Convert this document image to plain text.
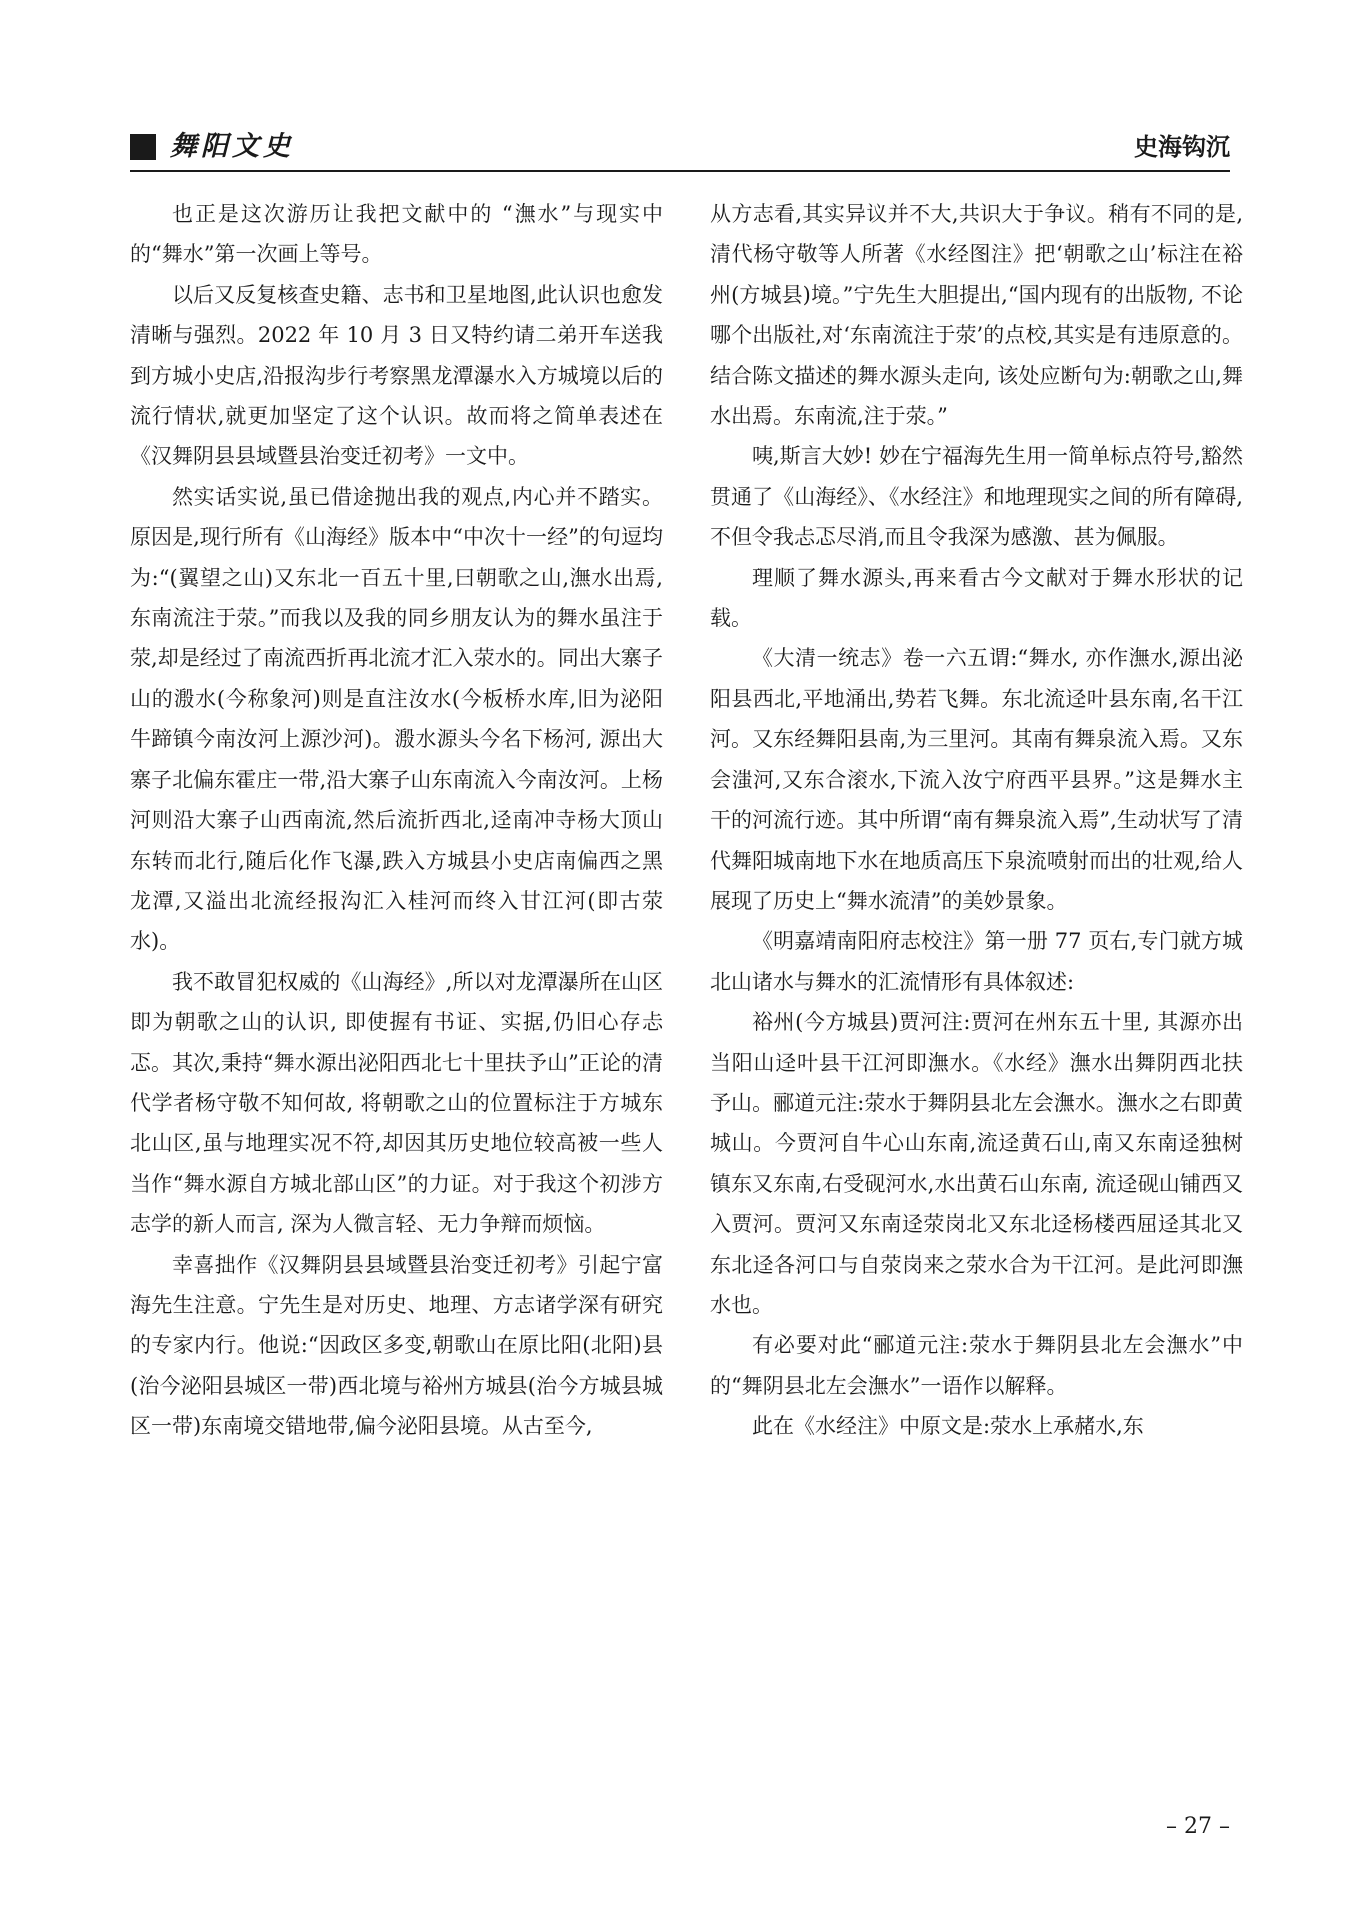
舞阳文史	史海钩沉

也正是这次游历让我把文献中的 “潕水”与现实中的“舞水”第一次画上等号。

以后又反复核查史籍、志书和卫星地图,此认识也愈发清晰与强烈。2022 年 10 月 3 日又特约请二弟开车送我到方城小史店,沿报沟步行考察黑龙潭瀑水入方城境以后的流行情状,就更加坚定了这个认识。故而将之简单表述在《汉舞阴县县域暨县治变迁初考》一文中。

然实话实说,虽已借途抛出我的观点,内心并不踏实。原因是,现行所有《山海经》版本中“中次十一经”的句逗均为:“(翼望之山)又东北一百五十里,曰朝歌之山,潕水出焉,东南流注于荥。”而我以及我的同乡朋友认为的舞水虽注于荥,却是经过了南流西折再北流才汇入荥水的。同出大寨子山的溵水(今称象河)则是直注汝水(今板桥水库,旧为泌阳牛蹄镇今南汝河上源沙河)。溵水源头今名下杨河, 源出大寨子北偏东霍庄一带,沿大寨子山东南流入今南汝河。上杨河则沿大寨子山西南流,然后流折西北,迳南冲寺杨大顶山东转而北行,随后化作飞瀑,跌入方城县小史店南偏西之黑龙潭,又溢出北流经报沟汇入桂河而终入甘江河(即古荥水)。

我不敢冒犯权威的《山海经》,所以对龙潭瀑所在山区即为朝歌之山的认识, 即使握有书证、实据,仍旧心存忐忑。其次,秉持“舞水源出泌阳西北七十里扶予山”正论的清代学者杨守敬不知何故, 将朝歌之山的位置标注于方城东北山区,虽与地理实况不符,却因其历史地位较高被一些人当作“舞水源自方城北部山区”的力证。对于我这个初涉方志学的新人而言, 深为人微言轻、无力争辩而烦恼。

幸喜拙作《汉舞阴县县域暨县治变迁初考》引起宁富海先生注意。宁先生是对历史、地理、方志诸学深有研究的专家内行。他说:“因政区多变,朝歌山在原比阳(北阳)县(治今泌阳县城区一带)西北境与裕州方城县(治今方城县城区一带)东南境交错地带,偏今泌阳县境。从古至今,

从方志看,其实异议并不大,共识大于争议。稍有不同的是, 清代杨守敬等人所著《水经图注》把‘朝歌之山’标注在裕州(方城县)境。”宁先生大胆提出,“国内现有的出版物, 不论哪个出版社,对‘东南流注于荥’的点校,其实是有违原意的。结合陈文描述的舞水源头走向, 该处应断句为:朝歌之山,舞水出焉。东南流,注于荥。”

咦,斯言大妙! 妙在宁福海先生用一简单标点符号,豁然贯通了《山海经》、《水经注》和地理现实之间的所有障碍,不但令我忐忑尽消,而且令我深为感激、甚为佩服。

理顺了舞水源头,再来看古今文献对于舞水形状的记载。

《大清一统志》卷一六五谓:“舞水, 亦作潕水,源出泌阳县西北,平地涌出,势若飞舞。东北流迳叶县东南,名干江河。又东经舞阳县南,为三里河。其南有舞泉流入焉。又东会滍河,又东合滚水,下流入汝宁府西平县界。”这是舞水主干的河流行迹。其中所谓“南有舞泉流入焉”,生动状写了清代舞阳城南地下水在地质高压下泉流喷射而出的壮观,给人展现了历史上“舞水流清”的美妙景象。

《明嘉靖南阳府志校注》第一册 77 页右,专门就方城北山诸水与舞水的汇流情形有具体叙述:

裕州(今方城县)贾河注:贾河在州东五十里, 其源亦出当阳山迳叶县干江河即潕水。《水经》潕水出舞阴西北扶予山。郦道元注:荥水于舞阴县北左会潕水。潕水之右即黄城山。今贾河自牛心山东南,流迳黄石山,南又东南迳独树镇东又东南,右受砚河水,水出黄石山东南, 流迳砚山铺西又入贾河。贾河又东南迳荥岗北又东北迳杨楼西屈迳其北又东北迳各河口与自荥岗来之荥水合为干江河。是此河即潕水也。

有必要对此“郦道元注:荥水于舞阴县北左会潕水”中的“舞阴县北左会潕水”一语作以解释。

此在《水经注》中原文是:荥水上承赭水,东

– 27 –
